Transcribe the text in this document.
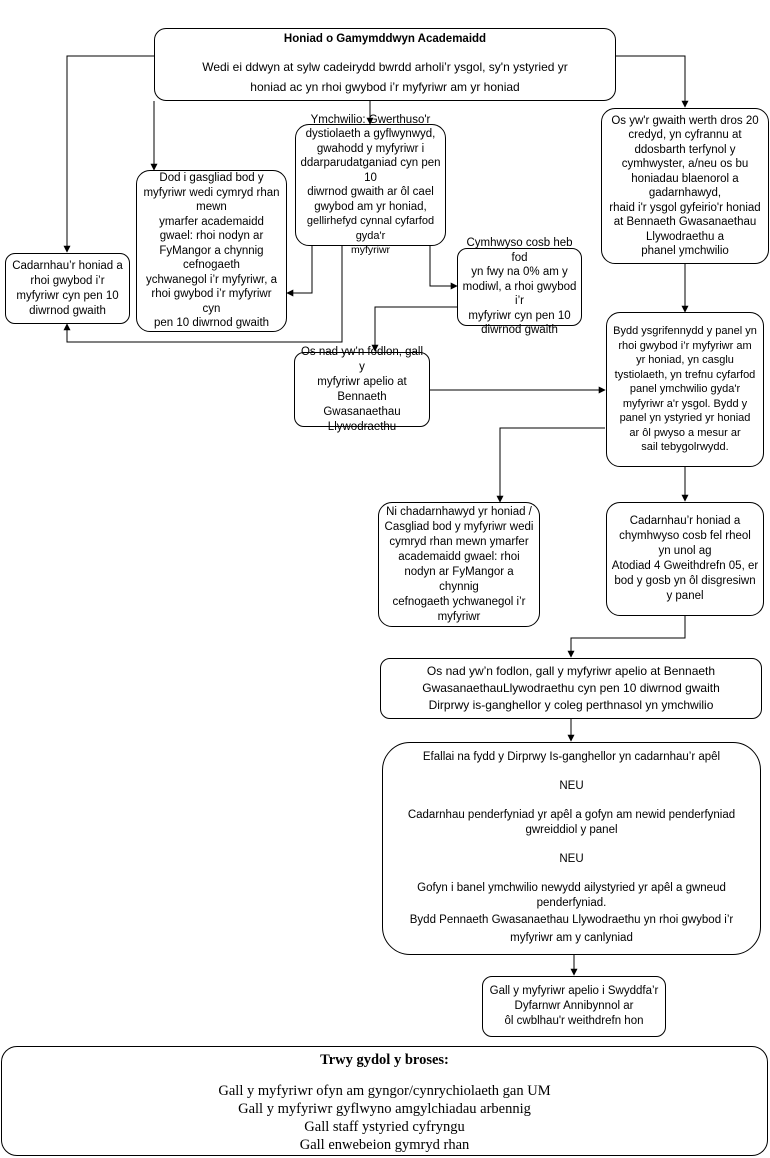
Honiad o Gamymddwyn Academaidd
Wedi ei ddwyn at sylw cadeirydd bwrdd arholi’r ysgol, sy'n ystyried yr
honiad ac yn rhoi gwybod i’r myfyriwr am yr honiad
Ymchwilio: Gwerthuso'r
dystiolaeth a gyflwynwyd,
gwahodd y myfyriwr i
ddarparudatganiad cyn pen 10
diwrnod gwaith ar ôl cael
gwybod am yr honiad,
gellirhefyd cynnal cyfarfod gyda'r
myfyriwr
Os yw'r gwaith werth dros 20
credyd, yn cyfrannu at
ddosbarth terfynol y
cymhwyster, a/neu os bu
honiadau blaenorol a
gadarnhawyd,
rhaid i'r ysgol gyfeirio'r honiad
at Bennaeth Gwasanaethau
Llywodraethu a
phanel ymchwilio
Dod i gasgliad bod y
myfyriwr wedi cymryd rhan
mewn
ymarfer academaidd
gwael: rhoi nodyn ar
FyMangor a chynnig
cefnogaeth
ychwanegol i’r myfyriwr, a
rhoi gwybod i’r myfyriwr cyn
pen 10 diwrnod gwaith
Cadarnhau’r honiad a
rhoi gwybod i’r
myfyriwr cyn pen 10
diwrnod gwaith
Cymhwyso cosb heb fod
yn fwy na 0% am y
modiwl, a rhoi gwybod i’r
myfyriwr cyn pen 10
diwrnod gwaith
Os nad yw’n fodlon, gall y
myfyriwr apelio at Bennaeth
Gwasanaethau Llywodraethu
Bydd ysgrifennydd y panel yn
rhoi gwybod i’r myfyriwr am
yr honiad, yn casglu
tystiolaeth, yn trefnu cyfarfod
panel ymchwilio gyda'r
myfyriwr a'r ysgol. Bydd y
panel yn ystyried yr honiad
ar ôl pwyso a mesur ar
sail tebygolrwydd.
Ni chadarnhawyd yr honiad /
Casgliad bod y myfyriwr wedi
cymryd rhan mewn ymarfer
academaidd gwael: rhoi
nodyn ar FyMangor a chynnig
cefnogaeth ychwanegol i’r
myfyriwr
Cadarnhau’r honiad a
chymhwyso cosb fel rheol
yn unol ag
Atodiad 4 Gweithdrefn 05, er
bod y gosb yn ôl disgresiwn
y panel
Os nad yw’n fodlon, gall y myfyriwr apelio at Bennaeth
GwasanaethauLlywodraethu cyn pen 10 diwrnod gwaith
Dirprwy is-ganghellor y coleg perthnasol yn ymchwilio
Efallai na fydd y Dirprwy Is-ganghellor yn cadarnhau’r apêl
NEU
Cadarnhau penderfyniad yr apêl a gofyn am newid penderfyniad
gwreiddiol y panel
NEU
Gofyn i banel ymchwilio newydd ailystyried yr apêl a gwneud
penderfyniad.
Bydd Pennaeth Gwasanaethau Llywodraethu yn rhoi gwybod i’r
myfyriwr am y canlyniad
Gall y myfyriwr apelio i Swyddfa’r
Dyfarnwr Annibynnol ar
ôl cwblhau'r weithdrefn hon
Trwy gydol y broses:
Gall y myfyriwr ofyn am gyngor/cynrychiolaeth gan UM
Gall y myfyriwr gyflwyno amgylchiadau arbennig
Gall staff ystyried cyfryngu
Gall enwebeion gymryd rhan
